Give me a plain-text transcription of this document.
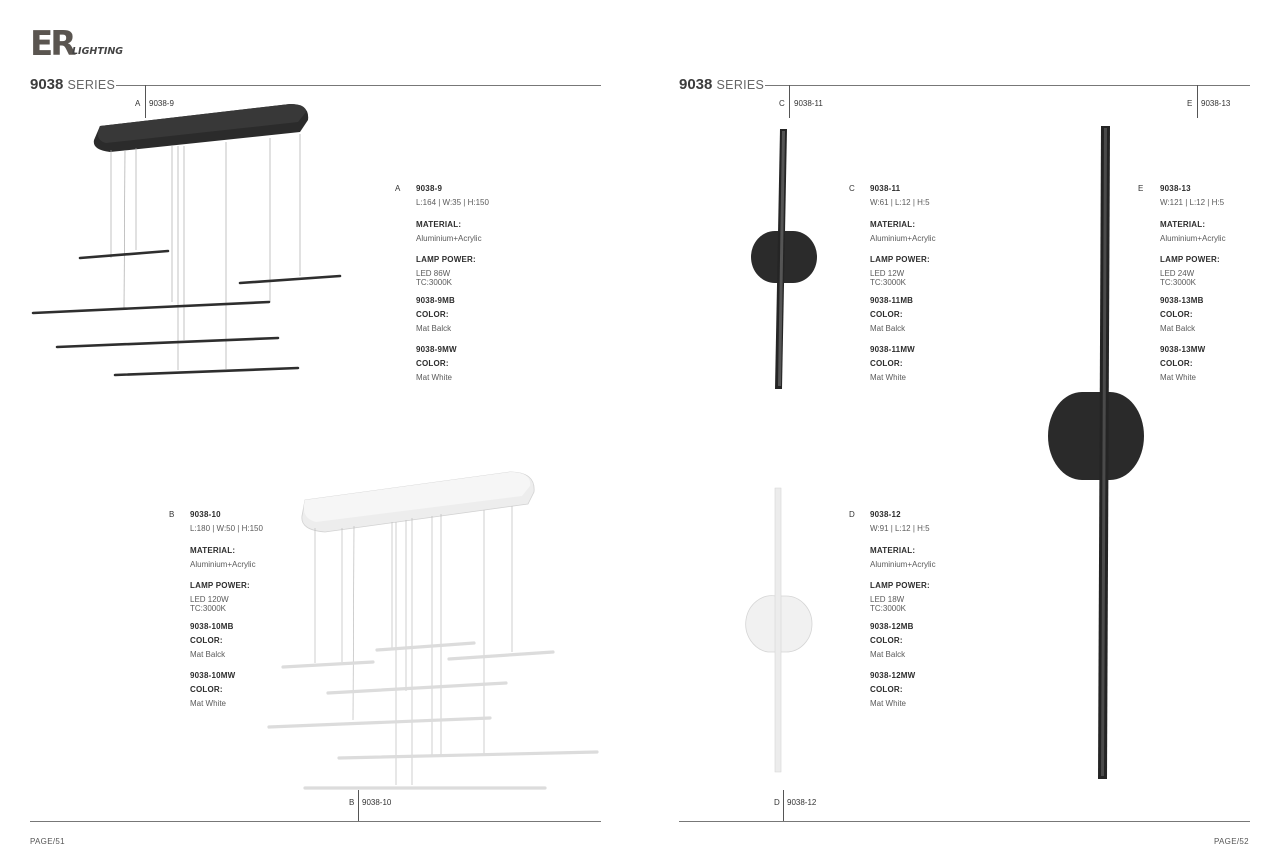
ER
LIGHTING
9038 SERIES
A 9038-9
9038 SERIES
C 9038-11	E 9038-13
A 9038-9
L:164 | W:35 | H:150
MATERIAL:
Aluminium+Acrylic
LAMP POWER:
LED 86W
TC:3000K
9038-9MB
COLOR:
Mat Balck
9038-9MW
COLOR:
Mat White
B 9038-10
L:180 | W:50 | H:150
MATERIAL:
Aluminium+Acrylic
LAMP POWER:
LED 120W
TC:3000K
9038-10MB
COLOR:
Mat Balck
9038-10MW
COLOR:
Mat White
C 9038-11
W:61 | L:12 | H:5
MATERIAL:
Aluminium+Acrylic
LAMP POWER:
LED 12W
TC:3000K
9038-11MB
COLOR:
Mat Balck
9038-11MW
COLOR:
Mat White
D 9038-12
W:91 | L:12 | H:5
MATERIAL:
Aluminium+Acrylic
LAMP POWER:
LED 18W
TC:3000K
9038-12MB
COLOR:
Mat Balck
9038-12MW
COLOR:
Mat White
E 9038-13
W:121 | L:12 | H:5
MATERIAL:
Aluminium+Acrylic
LAMP POWER:
LED 24W
TC:3000K
9038-13MB
COLOR:
Mat Balck
9038-13MW
COLOR:
Mat White
B 9038-10	D 9038-12
PAGE/51	PAGE/52
